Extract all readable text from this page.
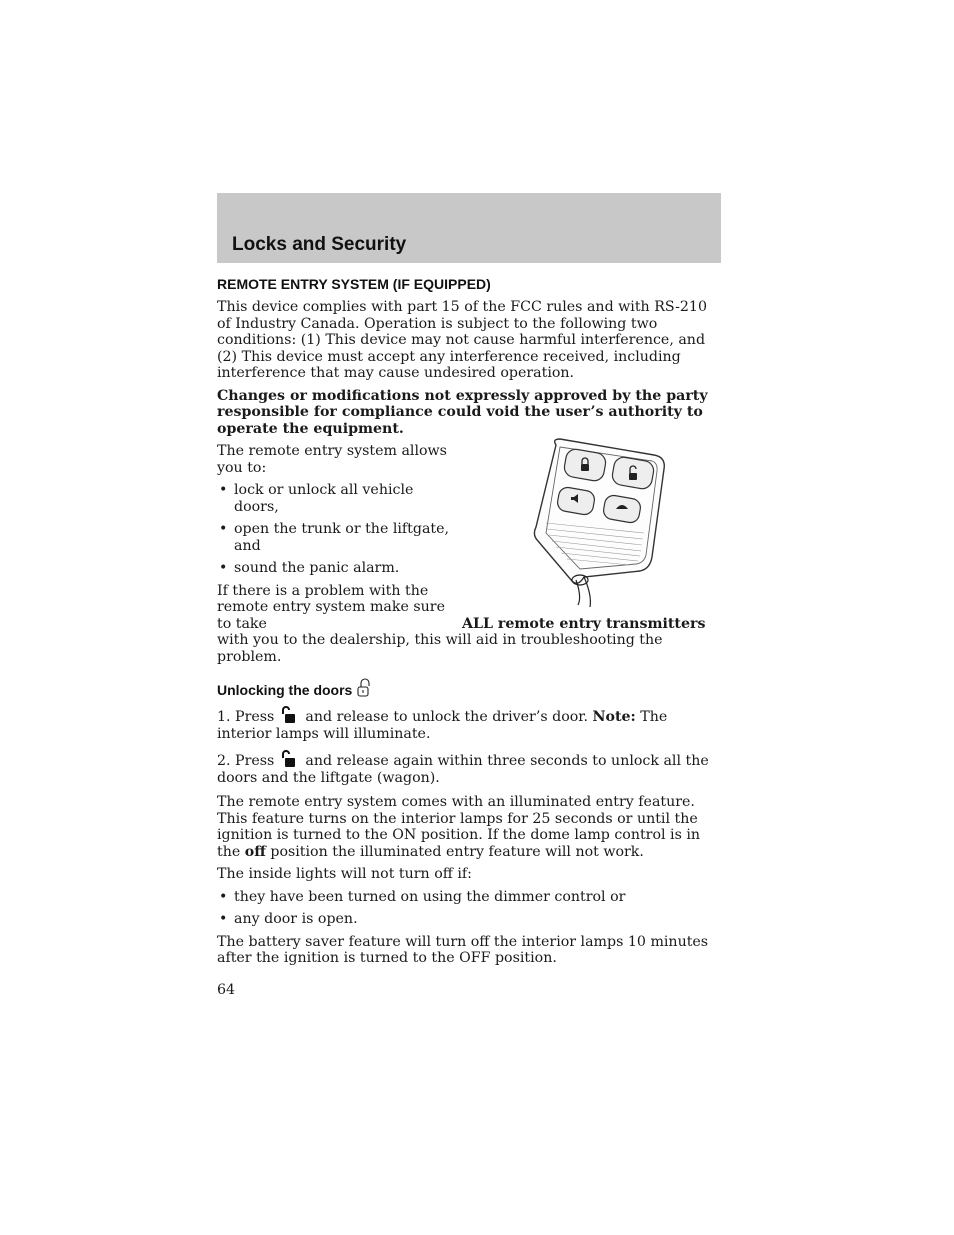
Locks and Security
REMOTE ENTRY SYSTEM (IF EQUIPPED)

This device complies with part 15 of the FCC rules and with RS-210 of Industry Canada. Operation is subject to the following two conditions: (1) This device may not cause harmful interference, and (2) This device must accept any interference received, including interference that may cause undesired operation.

Changes or modifications not expressly approved by the party responsible for compliance could void the user’s authority to operate the equipment.

The remote entry system allows you to:

• lock or unlock all vehicle doors,
• open the trunk or the liftgate, and
• sound the panic alarm.

If there is a problem with the remote entry system make sure to take	ALL remote entry transmitters with you to the dealership, this will aid in troubleshooting the problem.

Unlocking the doors

1. Press  and release to unlock the driver’s door. Note: The interior lamps will illuminate.

2. Press  and release again within three seconds to unlock all the doors and the liftgate (wagon).

The remote entry system comes with an illuminated entry feature. This feature turns on the interior lamps for 25 seconds or until the ignition is turned to the ON position. If the dome lamp control is in the off position the illuminated entry feature will not work.

The inside lights will not turn off if:

• they have been turned on using the dimmer control or
• any door is open.

The battery saver feature will turn off the interior lamps 10 minutes after the ignition is turned to the OFF position.

64
